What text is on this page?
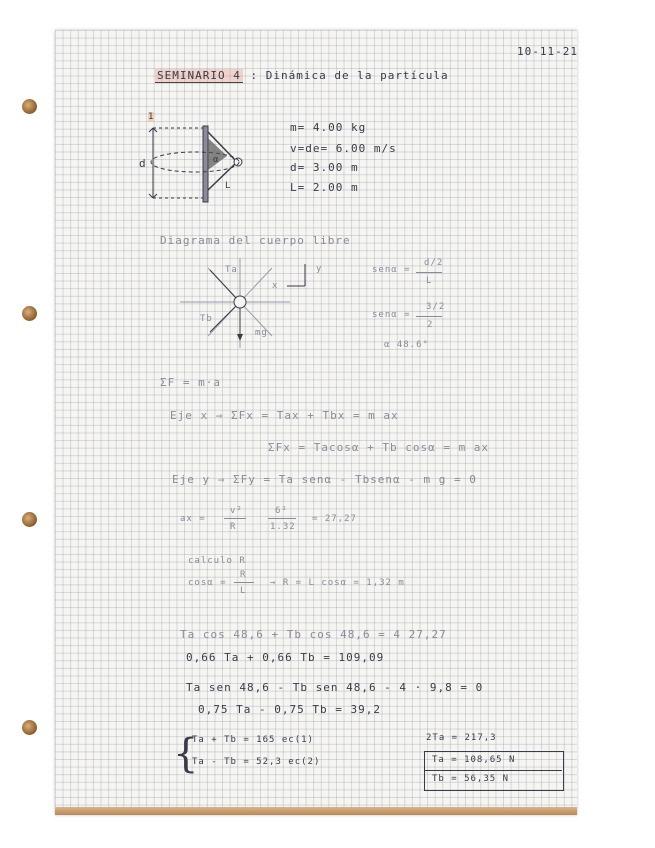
10-11-21
SEMINARIO 4 : Dinámica de la partícula
1
d
L
α
m= 4.00 kg
v=de= 6.00 m/s
d= 3.00 m
L= 2.00 m
Diagrama del cuerpo libre
Ta
Tb
mg
x
y	senα =
d/2
L
senα =
3/2
2
α 48.6°
ΣF = m·a
Eje x ⇒ ΣFx = Tax + Tbx = m ax
ΣFx = Tacosα + Tb cosα = m ax
Eje y ⇒ ΣFy = Ta senα - Tbsenα - m g = 0
ax =
v²
R
6²
1.32
= 27,27
calculo R
cosα =
R
L
→ R = L cosα = 1,32 m
Ta cos 48,6 + Tb cos 48,6 = 4 27,27
0,66 Ta + 0,66 Tb = 109,09
Ta sen 48,6 - Tb sen 48,6 - 4 · 9,8 = 0
0,75 Ta - 0,75 Tb = 39,2
{
Ta + Tb = 165 ec(1)
Ta - Tb = 52,3 ec(2)
2Ta = 217,3
Ta = 108,65 N
Tb = 56,35 N
